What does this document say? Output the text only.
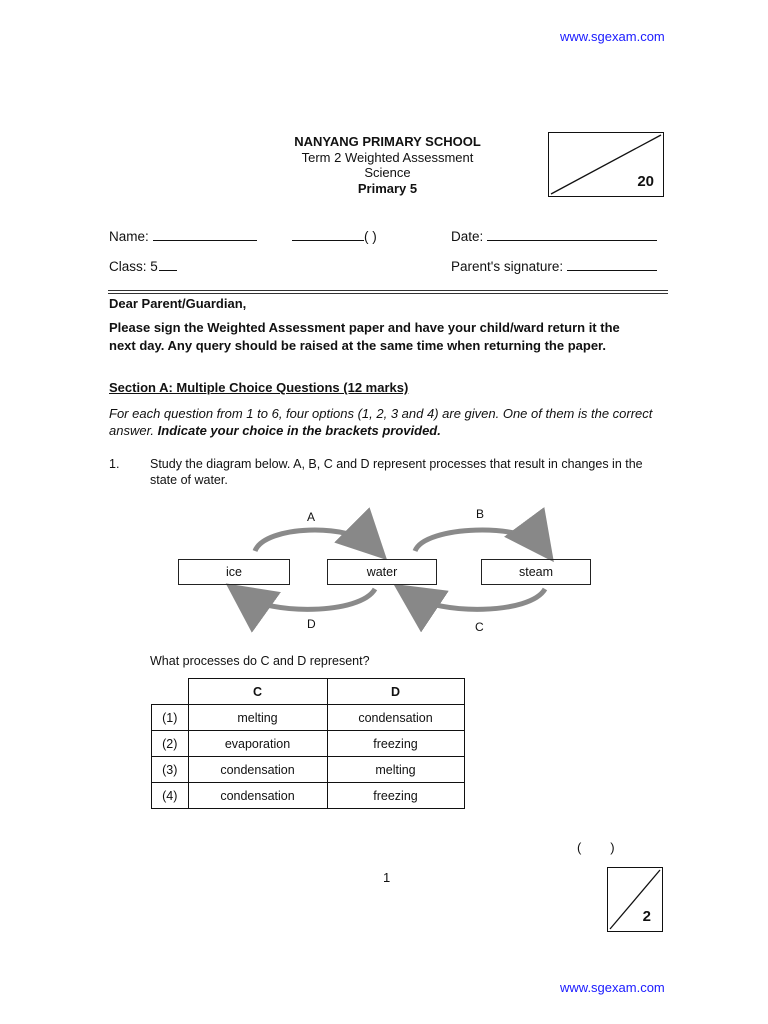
www.sgexam.com
NANYANG PRIMARY SCHOOL
Term 2 Weighted Assessment
Science
Primary 5	20
Name:	( )	Date:
Class: 5	Parent's signature:
Dear Parent/Guardian,
Please sign the Weighted Assessment paper and have your child/ward return it the next day. Any query should be raised at the same time when returning the paper.
Section A: Multiple Choice Questions (12 marks)
For each question from 1 to 6, four options (1, 2, 3 and 4) are given. One of them is the correct answer. Indicate your choice in the brackets provided.
1. Study the diagram below. A, B, C and D represent processes that result in changes in the state of water.
ice	water	steam
A	B
D	C
What processes do C and D represent?
	C	D
(1)	melting	condensation
(2)	evaporation	freezing
(3)	condensation	melting
(4)	condensation	freezing
(        )
1
2
www.sgexam.com
